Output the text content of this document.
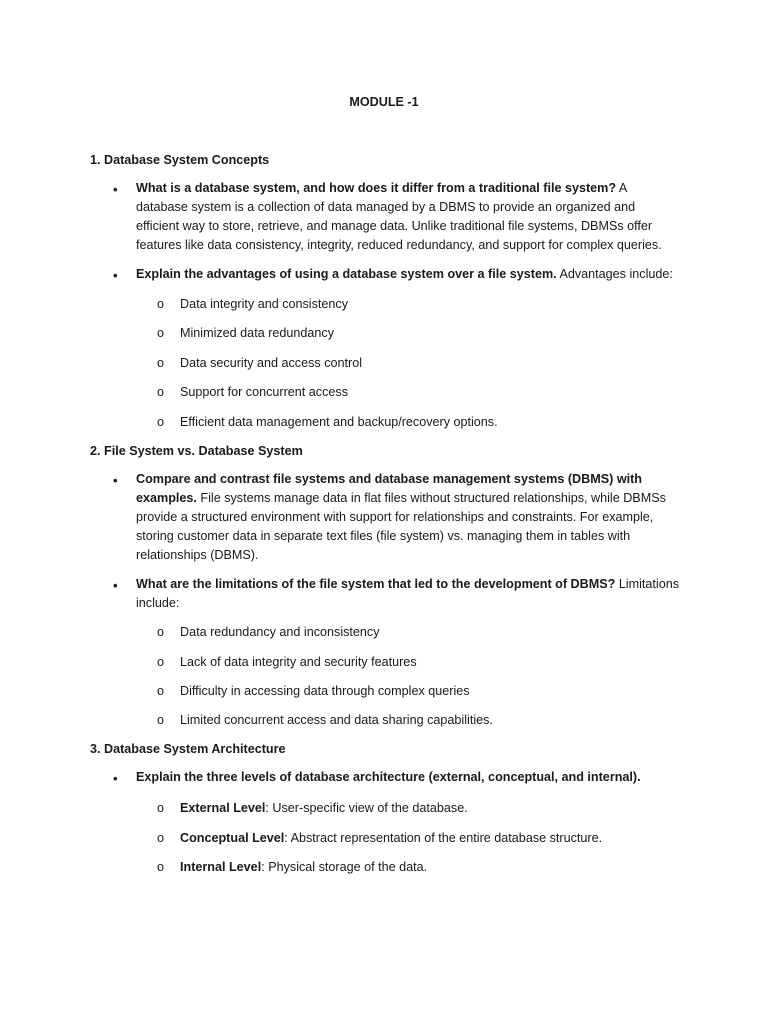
MODULE -1
1. Database System Concepts
• What is a database system, and how does it differ from a traditional file system? A database system is a collection of data managed by a DBMS to provide an organized and efficient way to store, retrieve, and manage data. Unlike traditional file systems, DBMSs offer features like data consistency, integrity, reduced redundancy, and support for complex queries.
• Explain the advantages of using a database system over a file system. Advantages include:
o Data integrity and consistency
o Minimized data redundancy
o Data security and access control
o Support for concurrent access
o Efficient data management and backup/recovery options.
2. File System vs. Database System
• Compare and contrast file systems and database management systems (DBMS) with examples. File systems manage data in flat files without structured relationships, while DBMSs provide a structured environment with support for relationships and constraints. For example, storing customer data in separate text files (file system) vs. managing them in tables with relationships (DBMS).
• What are the limitations of the file system that led to the development of DBMS? Limitations include:
o Data redundancy and inconsistency
o Lack of data integrity and security features
o Difficulty in accessing data through complex queries
o Limited concurrent access and data sharing capabilities.
3. Database System Architecture
• Explain the three levels of database architecture (external, conceptual, and internal).
o External Level: User-specific view of the database.
o Conceptual Level: Abstract representation of the entire database structure.
o Internal Level: Physical storage of the data.
